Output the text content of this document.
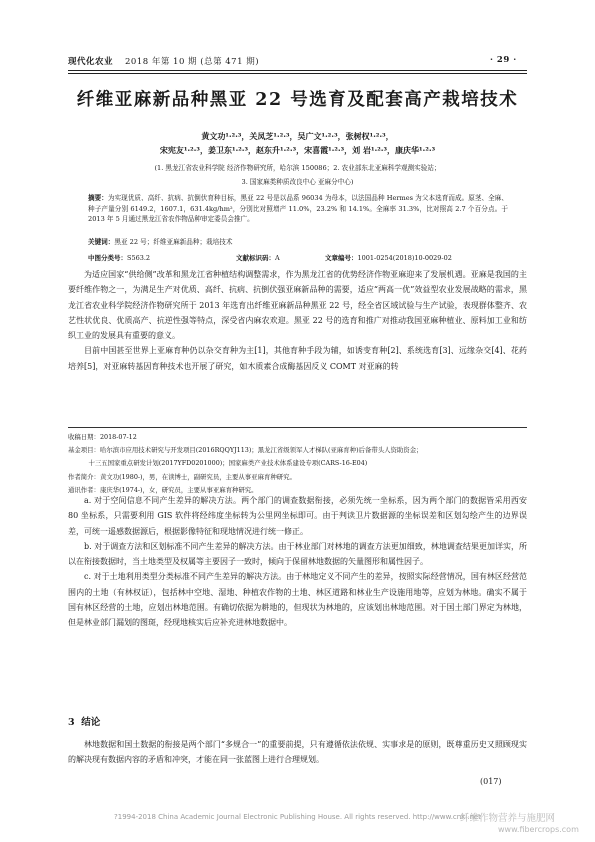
现代化农业 2018 年第 10 期 (总第 471 期)	· 29 ·
纤维亚麻新品种黑亚 22 号选育及配套高产栽培技术
黄文功¹·²·³，关凤芝¹·²·³，吴广文¹·²·³，张树权¹·²·³，
宋宪友¹·²·³，姜卫东¹·²·³，赵东升¹·²·³，宋喜霞¹·²·³，刘 岩¹·²·³，康庆华¹·²·³
(1. 黑龙江省农业科学院 经济作物研究所，哈尔滨 150086；2. 农业部东北亚麻科学观测实验站；
3. 国家麻类种质改良中心 亚麻分中心)
摘要：为实现优质、高纤、抗病、抗倒伏育种目标，黑亚 22 号是以品系 96034 为母本，以法国品种 Hermes 为父本选育而成。原茎、全麻、种子产量分别 6149.2，1607.1，631.4kg/hm²，分别比对照增产 11.0%，23.2% 和 14.1%。全麻率 31.3%，比对照高 2.7 个百分点。于 2013 年 5 月通过黑龙江省农作物品种审定委员会推广。
关键词：黑亚 22 号；纤维亚麻新品种；栽培技术
中图分类号：S563.2	文献标识码：A	文章编号：1001-0254(2018)10-0029-02

为适应国家“供给侧”改革和黑龙江省种植结构调整需求，作为黑龙江省的优势经济作物亚麻迎来了发展机遇。亚麻是我国的主要纤维作物之一，为满足生产对优质、高纤、抗病、抗倒伏强亚麻新品种的需要，适应“两高一优”效益型农业发展战略的需求，黑龙江省农业科学院经济作物研究所于 2013 年选育出纤维亚麻新品种黑亚 22 号，经全省区域试验与生产试验，表现群体整齐、农艺性状优良、优质高产、抗逆性强等特点，深受省内麻农欢迎。黑亚 22 号的选育和推广对推动我国亚麻种植业、原料加工业和纺织工业的发展具有重要的意义。

目前中国甚至世界上亚麻育种仍以杂交育种为主[1]，其他育种手段为辅，如诱变育种[2]、系统选育[3]、远缘杂交[4]、花药培养[5]，对亚麻转基因育种技术也开展了研究，如木质素合成酶基因反义 COMT 对亚麻的转

收稿日期：2018-07-12

基金项目：哈尔滨市应用技术研究与开发项目(2016RQQYJ113)；黑龙江省级领军人才梯队(亚麻育种)后备带头人资助资金；

十三五国家重点研发计划(2017YFD0201000)；国家麻类产业技术体系建设专项(CARS-16-E04)

作者简介：黄文功(1980-)，男，在读博士，副研究员，主要从事亚麻育种研究。

通讯作者：康庆华(1974-)，女，研究员，主要从事亚麻育种研究。

a. 对于空间信息不同产生差异的解决方法。两个部门的调查数据衔接，必须先统一坐标系，因为两个部门的数据皆采用西安 80 坐标系，只需要利用 GIS 软件将经纬度坐标转为公里网坐标即可。由于判读卫片数据源的坐标误差和区划勾绘产生的边界误差，可统一遥感数据源后，根据影像特征和现地情况进行统一修正。

b. 对于调查方法和区划标准不同产生差异的解决方法。由于林业部门对林地的调查方法更加细致，林地调查结果更加详实，所以在衔接数据时，当土地类型及权属等主要因子一致时，倾向于保留林地数据的矢量图形和属性因子。

c. 对于土地利用类型分类标准不同产生差异的解决方法。由于林地定义不同产生的差异，按照实际经营情况，国有林区经营范围内的土地（有林权证），包括林中空地、湿地、种植农作物的土地、林区道路和林业生产设施用地等，应划为林地。确实不属于国有林区经营的土地，应划出林地范围。有确切依据为耕地的，但现状为林地的，应该划出林地范围。对于国土部门界定为林地，但是林业部门漏划的图斑，经现地核实后应补充进林地数据中。

3 结论

林地数据和国土数据的衔接是两个部门“多规合一”的重要前提，只有遵循依法依规、实事求是的原则，既尊重历史又照顾现实的解决现有数据内容的矛盾和冲突，才能在同一张蓝图上进行合理规划。

(017)
?1994-2018 China Academic Journal Electronic Publishing House. All rights reserved. http://www.cnki.net
纤维作物营养与施肥网
www.fibercrops.com
